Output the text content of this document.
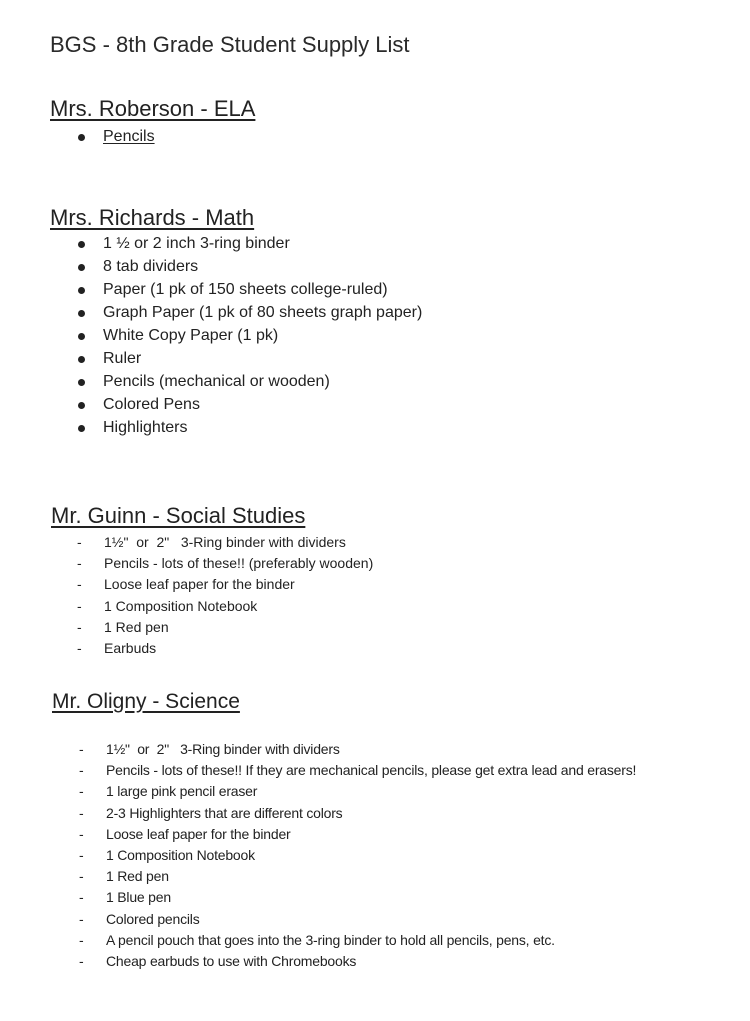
BGS - 8th Grade Student Supply List
Mrs. Roberson - ELA
Pencils
Mrs. Richards - Math
1 ½ or 2 inch 3-ring binder
8 tab dividers
Paper (1 pk of 150 sheets college-ruled)
Graph Paper (1 pk of 80 sheets graph paper)
White Copy Paper (1 pk)
Ruler
Pencils (mechanical or wooden)
Colored Pens
Highlighters
Mr. Guinn - Social Studies
-
1½"  or  2"   3-Ring binder with dividers
-
Pencils - lots of these!! (preferably wooden)
-
Loose leaf paper for the binder
-
1 Composition Notebook
-
1 Red pen
-
Earbuds
Mr. Oligny - Science
-
1½"  or  2"   3-Ring binder with dividers
-
Pencils - lots of these!! If they are mechanical pencils, please get extra lead and erasers!
-
1 large pink pencil eraser
-
2-3 Highlighters that are different colors
-
Loose leaf paper for the binder
-
1 Composition Notebook
-
1 Red pen
-
1 Blue pen
-
Colored pencils
-
A pencil pouch that goes into the 3-ring binder to hold all pencils, pens, etc.
-
Cheap earbuds to use with Chromebooks
